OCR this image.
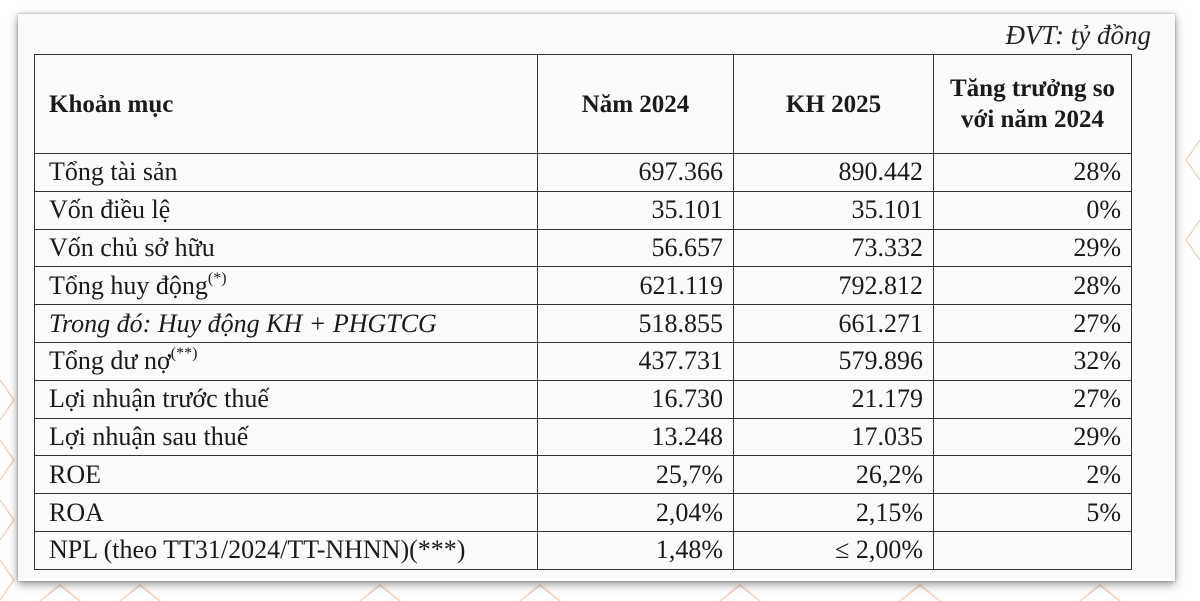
ĐVT: tỷ đồng
Khoản mục	Năm 2024	KH 2025	Tăng trưởng so với năm 2024
Tổng tài sản	697.366	890.442	28%
Vốn điều lệ	35.101	35.101	0%
Vốn chủ sở hữu	56.657	73.332	29%
Tổng huy động(*)	621.119	792.812	28%
Trong đó: Huy động KH + PHGTCG	518.855	661.271	27%
Tổng dư nợ(**)	437.731	579.896	32%
Lợi nhuận trước thuế	16.730	21.179	27%
Lợi nhuận sau thuế	13.248	17.035	29%
ROE	25,7%	26,2%	2%
ROA	2,04%	2,15%	5%
NPL (theo TT31/2024/TT-NHNN)(***)	1,48%	≤ 2,00%	
